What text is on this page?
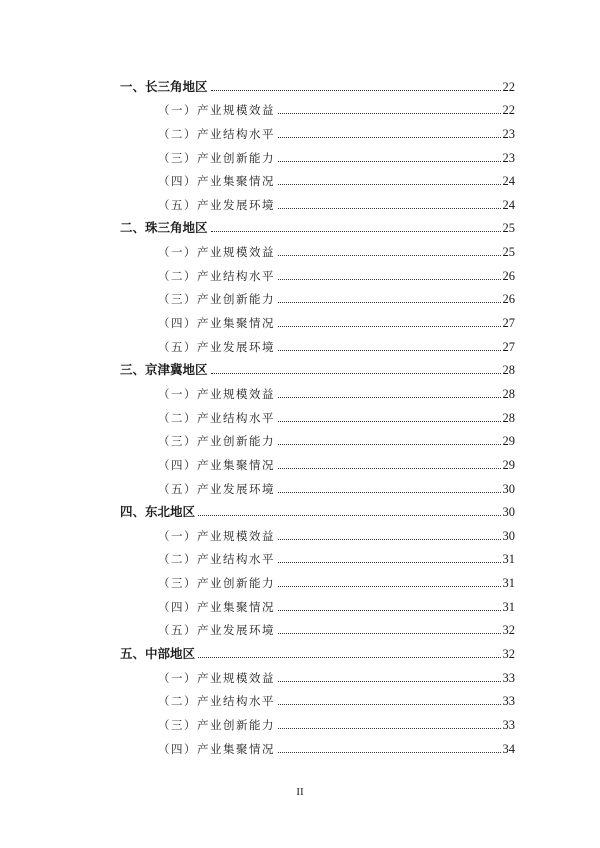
一、长三角地区	22
（一）产业规模效益	22
（二）产业结构水平	23
（三）产业创新能力	23
（四）产业集聚情况	24
（五）产业发展环境	24
二、珠三角地区	25
（一）产业规模效益	25
（二）产业结构水平	26
（三）产业创新能力	26
（四）产业集聚情况	27
（五）产业发展环境	27
三、京津冀地区	28
（一）产业规模效益	28
（二）产业结构水平	28
（三）产业创新能力	29
（四）产业集聚情况	29
（五）产业发展环境	30
四、东北地区	30
（一）产业规模效益	30
（二）产业结构水平	31
（三）产业创新能力	31
（四）产业集聚情况	31
（五）产业发展环境	32
五、中部地区	32
（一）产业规模效益	33
（二）产业结构水平	33
（三）产业创新能力	33
（四）产业集聚情况	34
II
